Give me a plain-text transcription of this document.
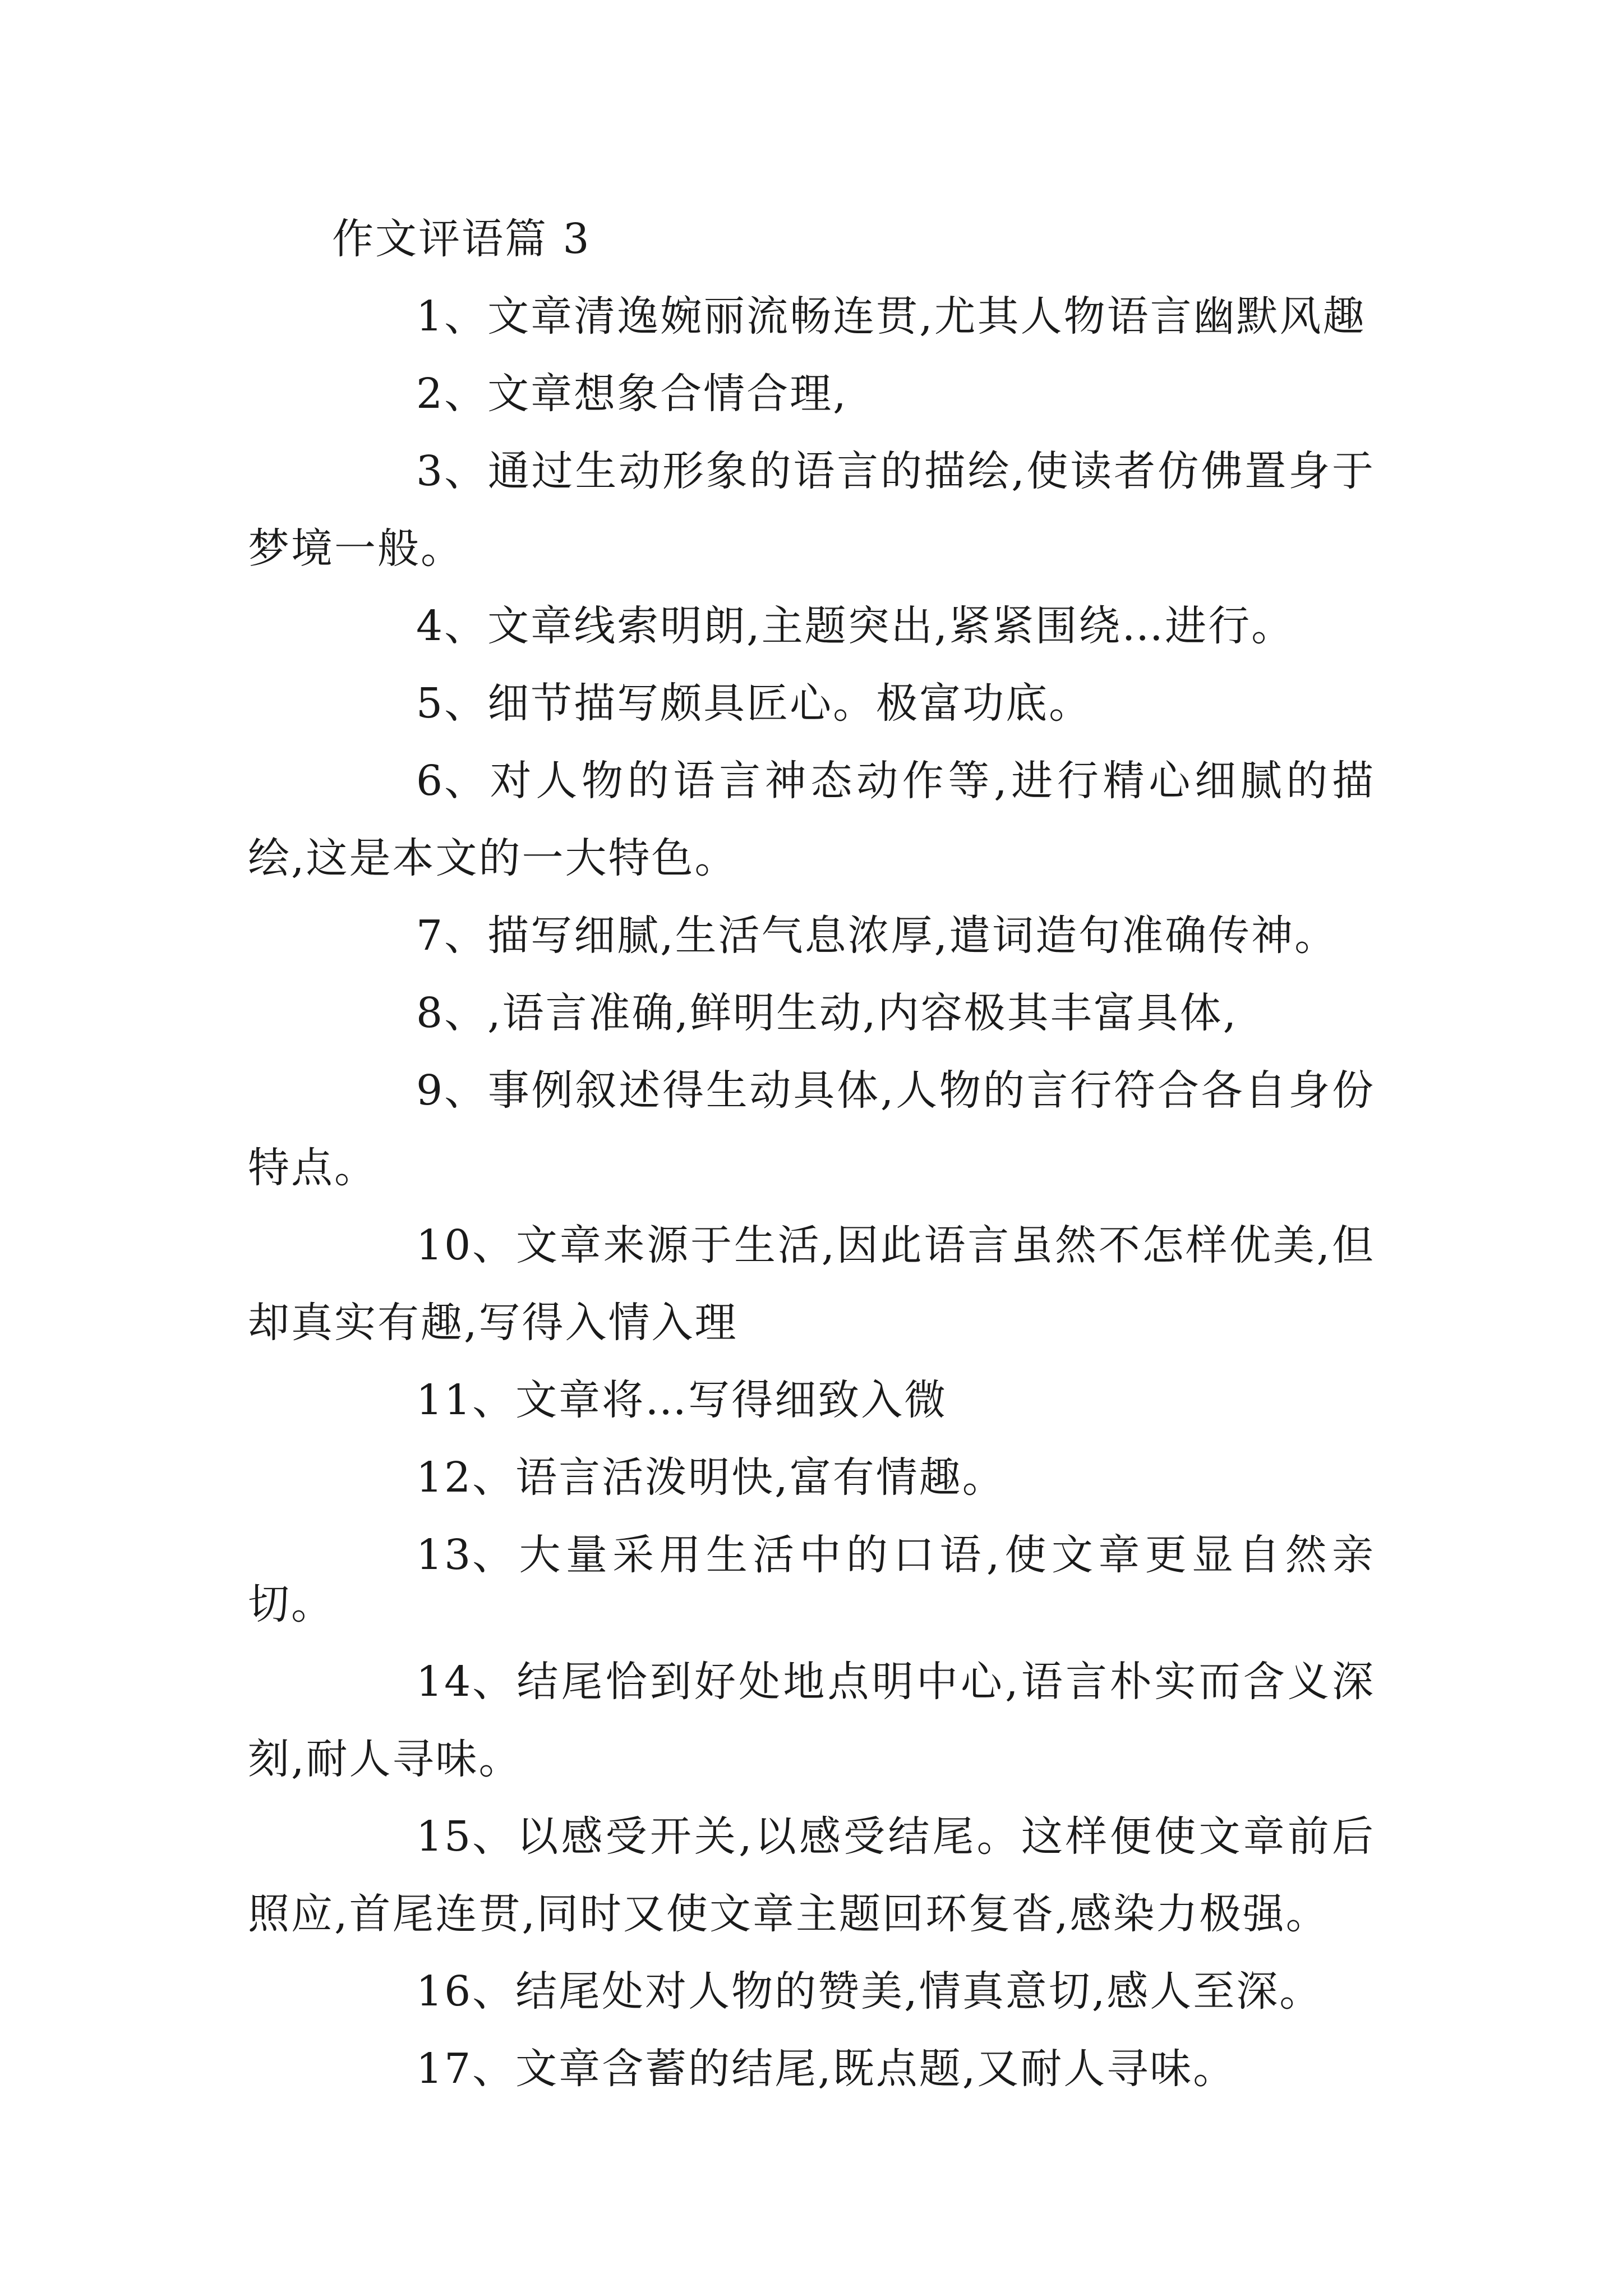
作文评语篇 3

1、文章清逸婉丽流畅连贯,尤其人物语言幽默风趣

2、文章想象合情合理,

3、通过生动形象的语言的描绘,使读者仿佛置身于梦境一般。

4、文章线索明朗,主题突出,紧紧围绕…进行。

5、细节描写颇具匠心。极富功底。

6、对人物的语言神态动作等,进行精心细腻的描绘,这是本文的一大特色。

7、描写细腻,生活气息浓厚,遣词造句准确传神。

8、,语言准确,鲜明生动,内容极其丰富具体,

9、事例叙述得生动具体,人物的言行符合各自身份特点。

10、文章来源于生活,因此语言虽然不怎样优美,但却真实有趣,写得入情入理

11、文章将…写得细致入微

12、语言活泼明快,富有情趣。

13、大量采用生活中的口语,使文章更显自然亲切。

14、结尾恰到好处地点明中心,语言朴实而含义深刻,耐人寻味。

15、以感受开关,以感受结尾。这样便使文章前后照应,首尾连贯,同时又使文章主题回环复沓,感染力极强。

16、结尾处对人物的赞美,情真意切,感人至深。

17、文章含蓄的结尾,既点题,又耐人寻味。
